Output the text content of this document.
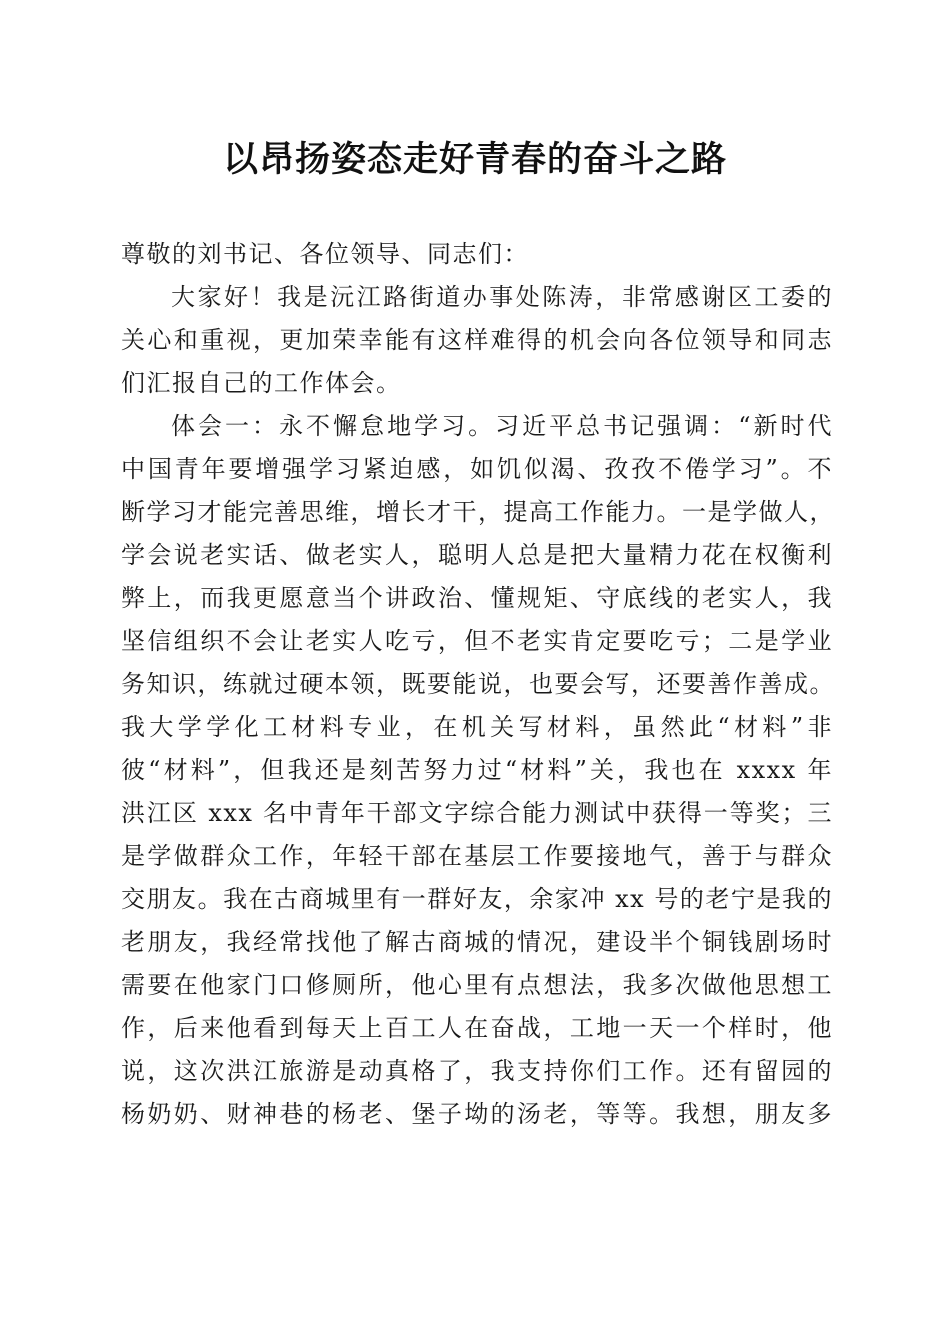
以昂扬姿态走好青春的奋斗之路
尊敬的刘书记、各位领导、同志们：
大家好！我是沅江路街道办事处陈涛，非常感谢区工委的
关心和重视，更加荣幸能有这样难得的机会向各位领导和同志
们汇报自己的工作体会。
体会一：永不懈怠地学习。习近平总书记强调：“新时代
中国青年要增强学习紧迫感，如饥似渴、孜孜不倦学习”。不
断学习才能完善思维，增长才干，提高工作能力。一是学做人，
学会说老实话、做老实人，聪明人总是把大量精力花在权衡利
弊上，而我更愿意当个讲政治、懂规矩、守底线的老实人，我
坚信组织不会让老实人吃亏，但不老实肯定要吃亏；二是学业
务知识，练就过硬本领，既要能说，也要会写，还要善作善成。
我大学学化工材料专业，在机关写材料，虽然此“材料”非
彼“材料”，但我还是刻苦努力过“材料”关，我也在 xxxx 年
洪江区 xxx 名中青年干部文字综合能力测试中获得一等奖；三
是学做群众工作，年轻干部在基层工作要接地气，善于与群众
交朋友。我在古商城里有一群好友，余家冲 xx 号的老宁是我的
老朋友，我经常找他了解古商城的情况，建设半个铜钱剧场时
需要在他家门口修厕所，他心里有点想法，我多次做他思想工
作，后来他看到每天上百工人在奋战，工地一天一个样时，他
说，这次洪江旅游是动真格了，我支持你们工作。还有留园的
杨奶奶、财神巷的杨老、堡子坳的汤老，等等。我想，朋友多
